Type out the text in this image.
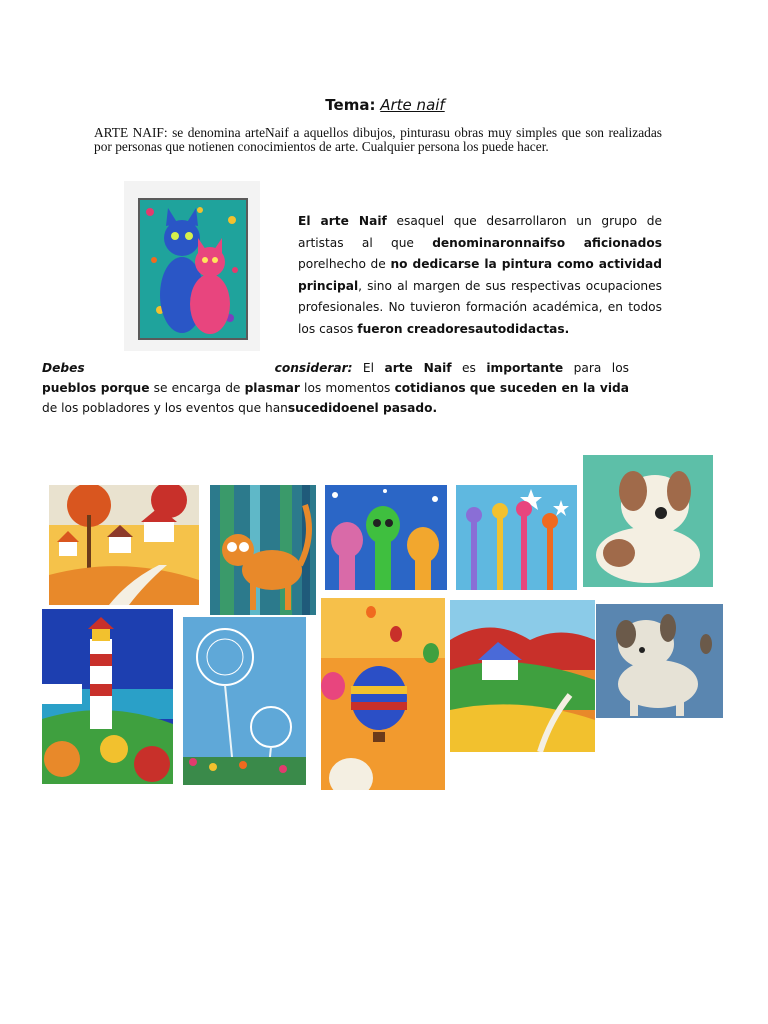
Tema: Arte naif
ARTE NAIF: se denomina arteNaif a aquellos dibujos, pinturasu obras muy simples que son realizadas por personas que notienen conocimientos de arte. Cualquier persona los puede hacer.
El arte Naif esaquel que desarrollaron un grupo de artistas al que denominaronnaifso aficionados porelhecho de no dedicarse la pintura como actividad principal, sino al margen de sus respectivas ocupaciones profesionales. No tuvieron formación académica, en todos los casos fueron creadoresautodidactas.
Debes	considerar: El arte Naif es importante para los pueblos porque se encarga de plasmar los momentos cotidianos que suceden en la vida de los pobladores y los eventos que hansucedidoenel pasado.
